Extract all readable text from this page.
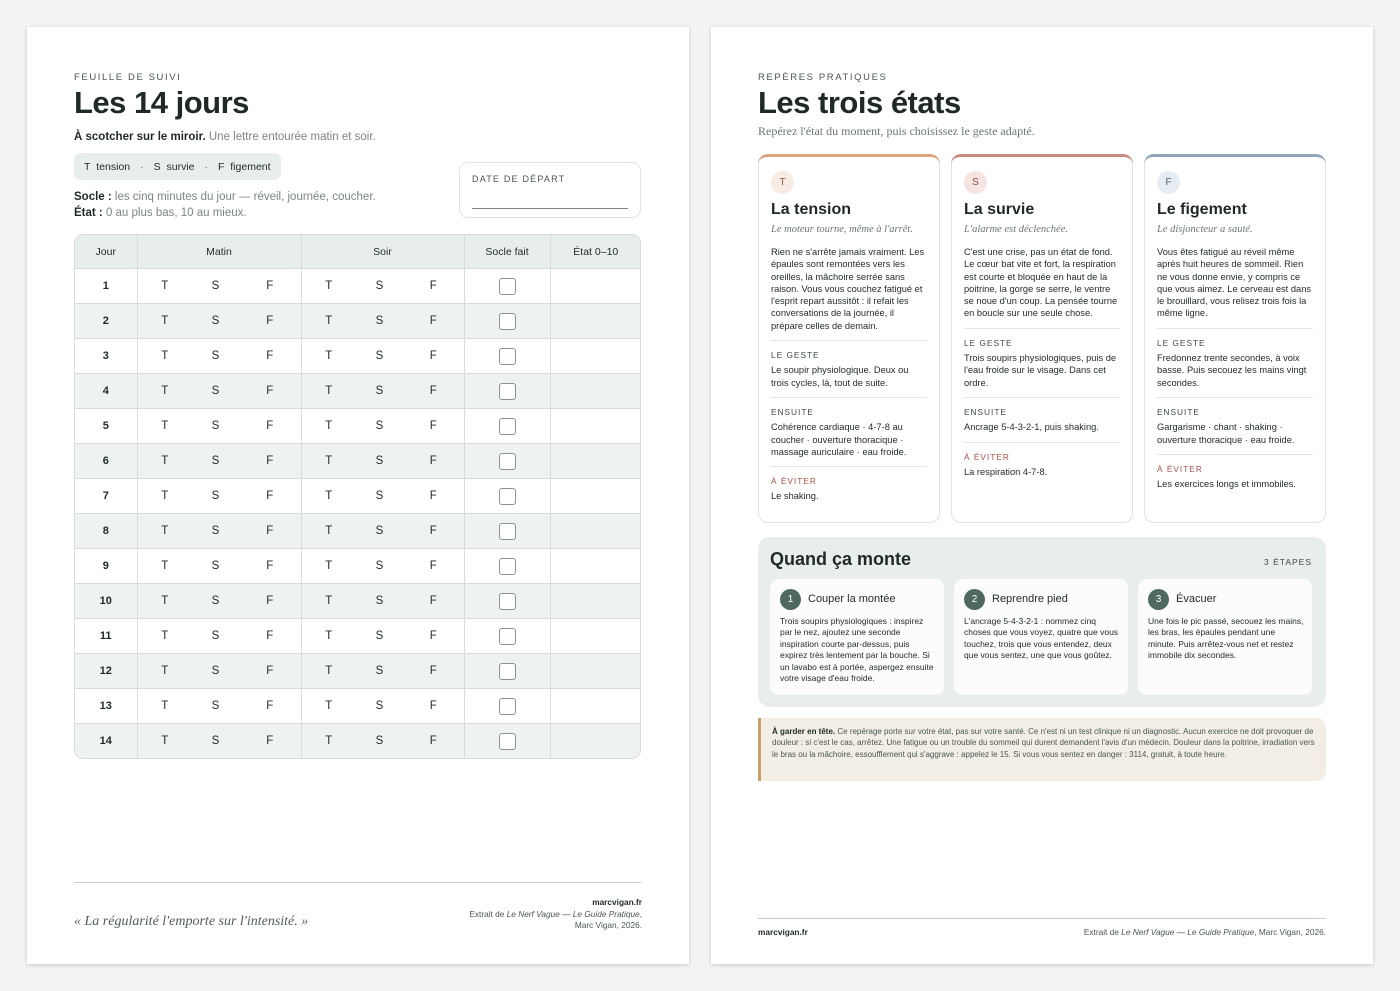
FEUILLE DE SUIVI
Les 14 jours
À scotcher sur le miroir. Une lettre entourée matin et soir.
T tension · S survie · F figement
Socle : les cinq minutes du jour — réveil, journée, coucher.
État : 0 au plus bas, 10 au mieux.
DATE DE DÉPART
Jour	Matin			Soir			Socle fait	État 0–10
1	T	S	F	T	S	F		
2	T	S	F	T	S	F		
3	T	S	F	T	S	F		
4	T	S	F	T	S	F		
5	T	S	F	T	S	F		
6	T	S	F	T	S	F		
7	T	S	F	T	S	F		
8	T	S	F	T	S	F		
9	T	S	F	T	S	F		
10	T	S	F	T	S	F		
11	T	S	F	T	S	F		
12	T	S	F	T	S	F		
13	T	S	F	T	S	F		
14	T	S	F	T	S	F		
« La régularité l'emporte sur l'intensité. »
marcvigan.fr
Extrait de Le Nerf Vague — Le Guide Pratique,
Marc Vigan, 2026.
REPÈRES PRATIQUES
Les trois états
Repérez l'état du moment, puis choisissez le geste adapté.
T
La tension
Le moteur tourne, même à l'arrêt.
Rien ne s'arrête jamais vraiment. Les épaules sont remontées vers les oreilles, la mâchoire serrée sans raison. Vous vous couchez fatigué et l'esprit repart aussitôt : il refait les conversations de la journée, il prépare celles de demain.
LE GESTE
Le soupir physiologique. Deux ou trois cycles, là, tout de suite.
ENSUITE
Cohérence cardiaque · 4-7-8 au coucher · ouverture thoracique · massage auriculaire · eau froide.
À ÉVITER
Le shaking.
S
La survie
L'alarme est déclenchée.
C'est une crise, pas un état de fond. Le cœur bat vite et fort, la respiration est courte et bloquée en haut de la poitrine, la gorge se serre, le ventre se noue d'un coup. La pensée tourne en boucle sur une seule chose.
LE GESTE
Trois soupirs physiologiques, puis de l'eau froide sur le visage. Dans cet ordre.
ENSUITE
Ancrage 5-4-3-2-1, puis shaking.
À ÉVITER
La respiration 4-7-8.
F
Le figement
Le disjoncteur a sauté.
Vous êtes fatigué au réveil même après huit heures de sommeil. Rien ne vous donne envie, y compris ce que vous aimez. Le cerveau est dans le brouillard, vous relisez trois fois la même ligne.
LE GESTE
Fredonnez trente secondes, à voix basse. Puis secouez les mains vingt secondes.
ENSUITE
Gargarisme · chant · shaking · ouverture thoracique · eau froide.
À ÉVITER
Les exercices longs et immobiles.
Quand ça monte	3 ÉTAPES
1	Couper la montée
Trois soupirs physiologiques : inspirez par le nez, ajoutez une seconde inspiration courte par-dessus, puis expirez très lentement par la bouche. Si un lavabo est à portée, aspergez ensuite votre visage d'eau froide.
2	Reprendre pied
L'ancrage 5-4-3-2-1 : nommez cinq choses que vous voyez, quatre que vous touchez, trois que vous entendez, deux que vous sentez, une que vous goûtez.
3	Évacuer
Une fois le pic passé, secouez les mains, les bras, les épaules pendant une minute. Puis arrêtez-vous net et restez immobile dix secondes.
À garder en tête. Ce repérage porte sur votre état, pas sur votre santé. Ce n'est ni un test clinique ni un diagnostic. Aucun exercice ne doit provoquer de douleur : si c'est le cas, arrêtez. Une fatigue ou un trouble du sommeil qui durent demandent l'avis d'un médecin. Douleur dans la poitrine, irradiation vers le bras ou la mâchoire, essoufflement qui s'aggrave : appelez le 15. Si vous vous sentez en danger : 3114, gratuit, à toute heure.
marcvigan.fr	Extrait de Le Nerf Vague — Le Guide Pratique, Marc Vigan, 2026.
